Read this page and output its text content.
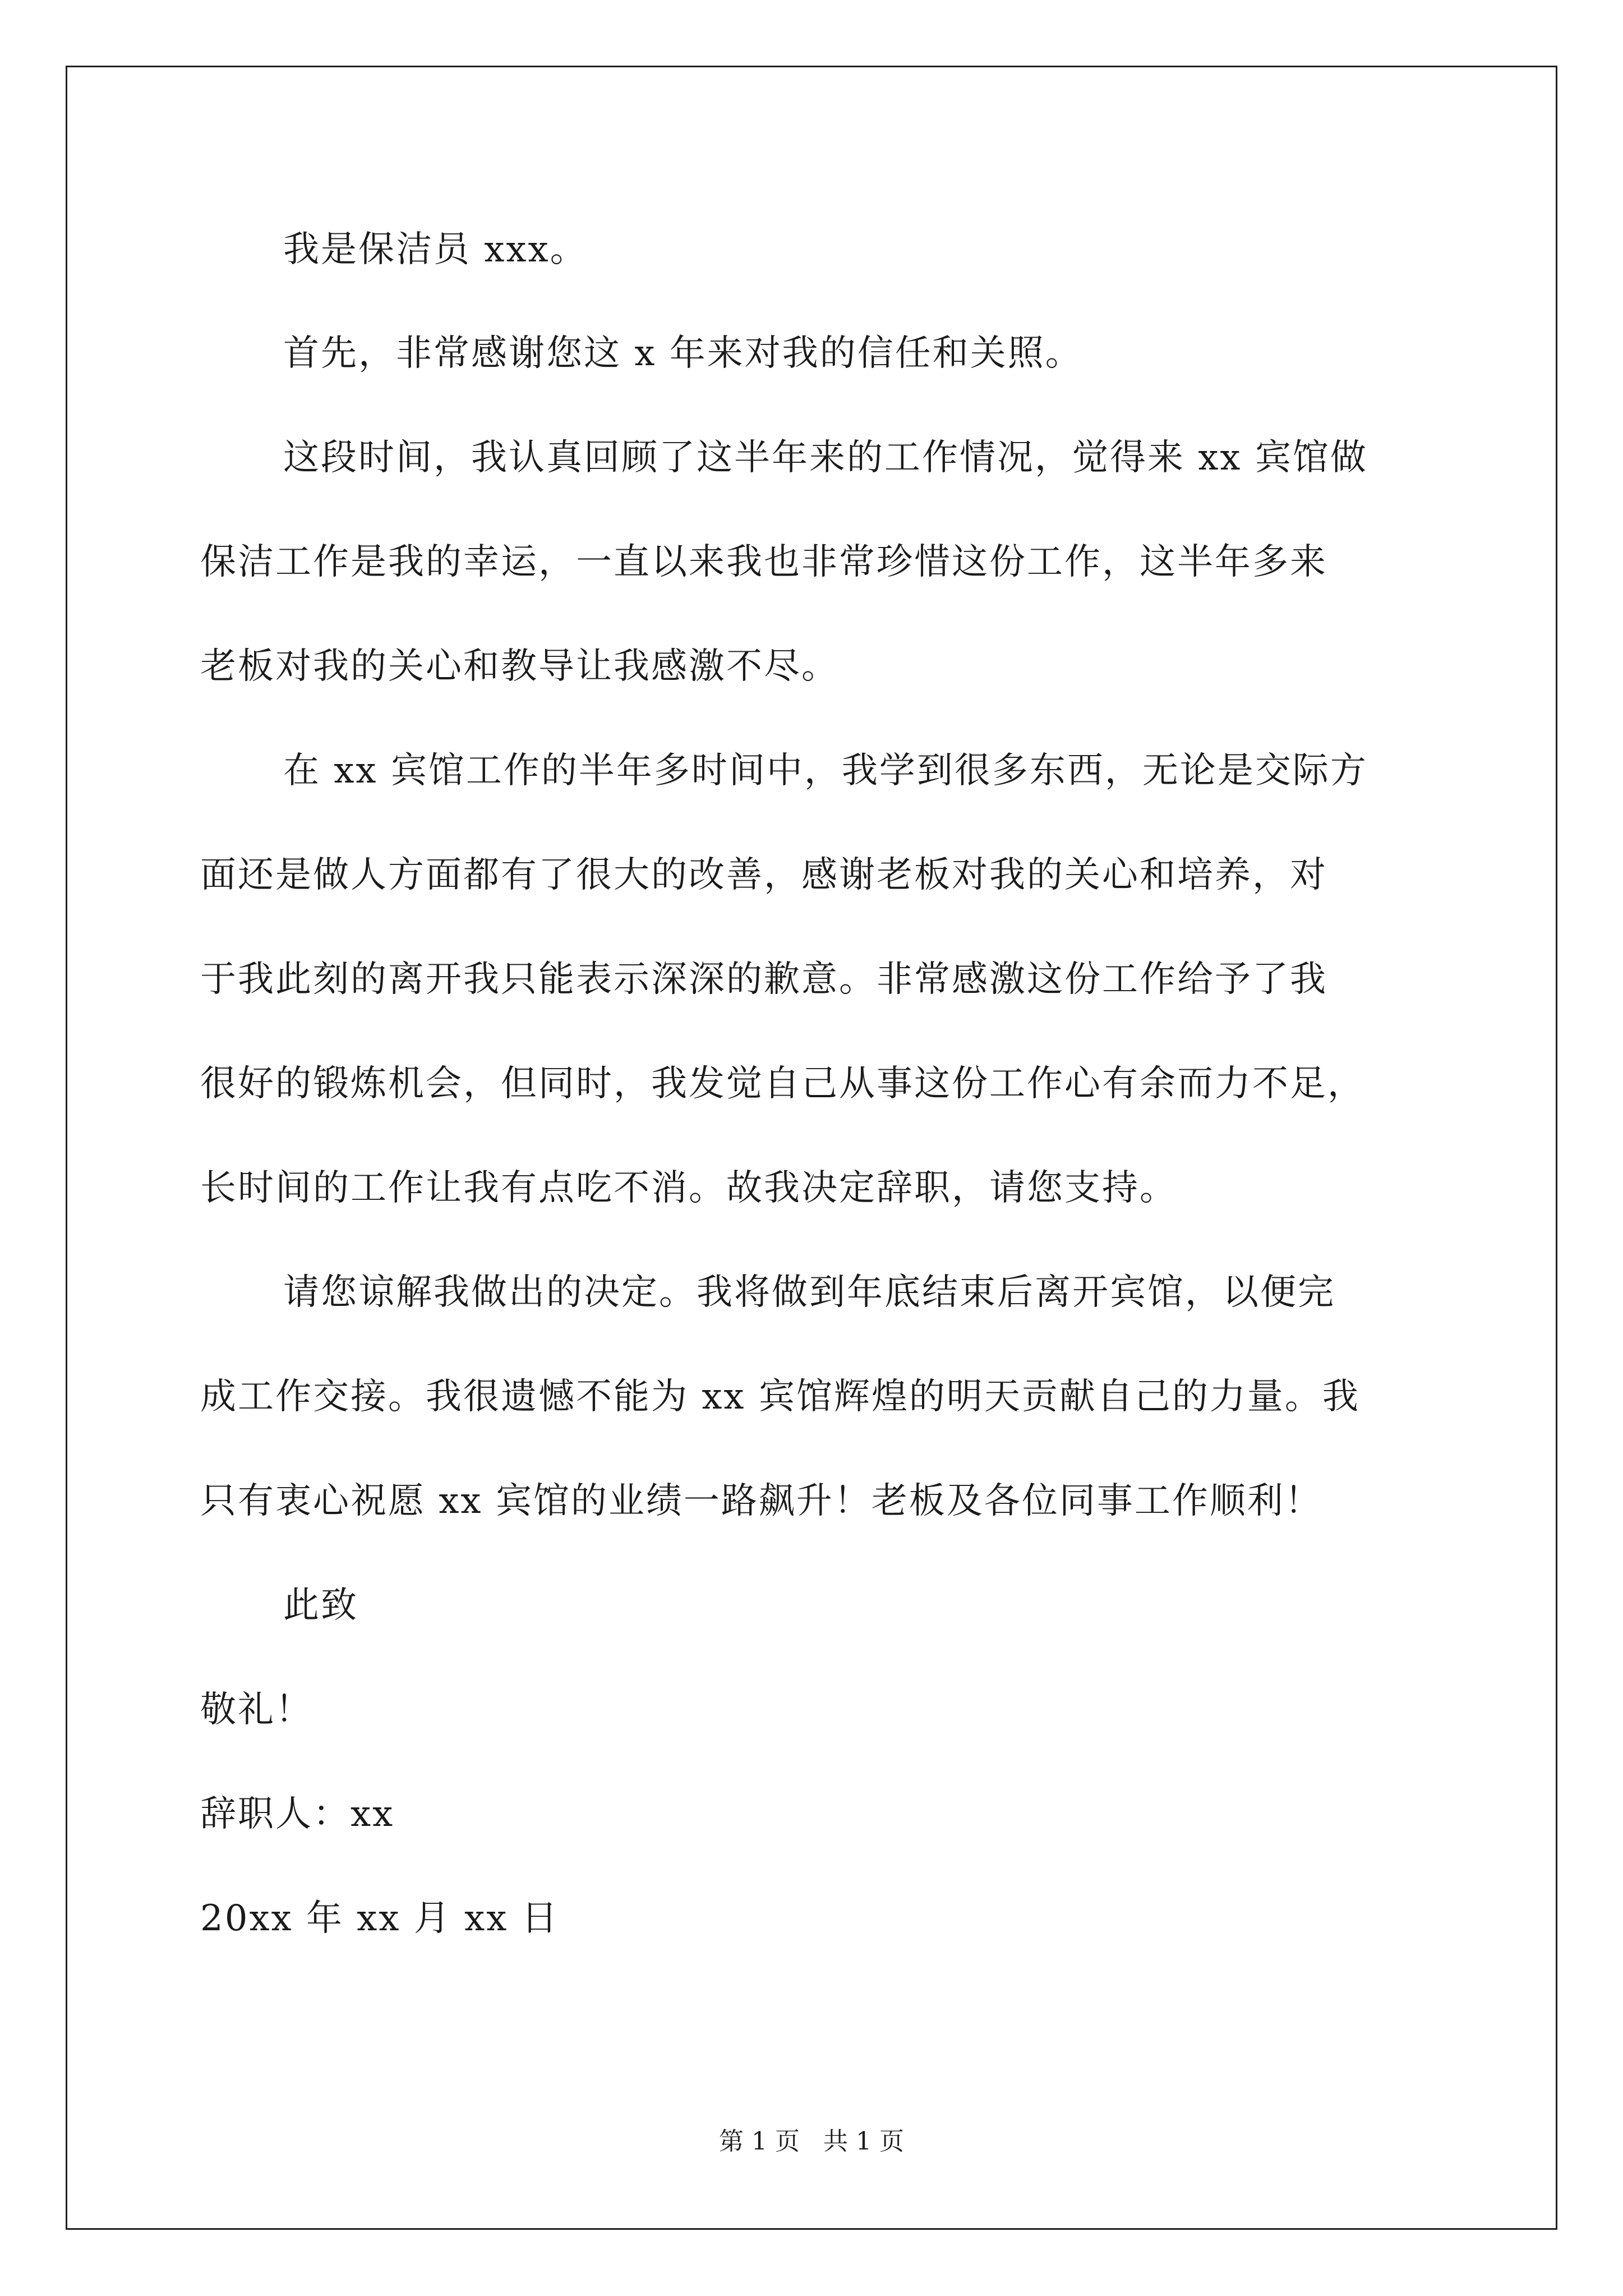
我是保洁员 xxx。
首先，非常感谢您这 x 年来对我的信任和关照。
这段时间，我认真回顾了这半年来的工作情况，觉得来 xx 宾馆做
保洁工作是我的幸运，一直以来我也非常珍惜这份工作，这半年多来
老板对我的关心和教导让我感激不尽。
在 xx 宾馆工作的半年多时间中，我学到很多东西，无论是交际方
面还是做人方面都有了很大的改善，感谢老板对我的关心和培养，对
于我此刻的离开我只能表示深深的歉意。非常感激这份工作给予了我
很好的锻炼机会，但同时，我发觉自己从事这份工作心有余而力不足，
长时间的工作让我有点吃不消。故我决定辞职，请您支持。
请您谅解我做出的决定。我将做到年底结束后离开宾馆，以便完
成工作交接。我很遗憾不能为 xx 宾馆辉煌的明天贡献自己的力量。我
只有衷心祝愿 xx 宾馆的业绩一路飙升！老板及各位同事工作顺利！
此致
敬礼！
辞职人：xx
20xx 年 xx 月 xx 日
第 1 页   共 1 页
